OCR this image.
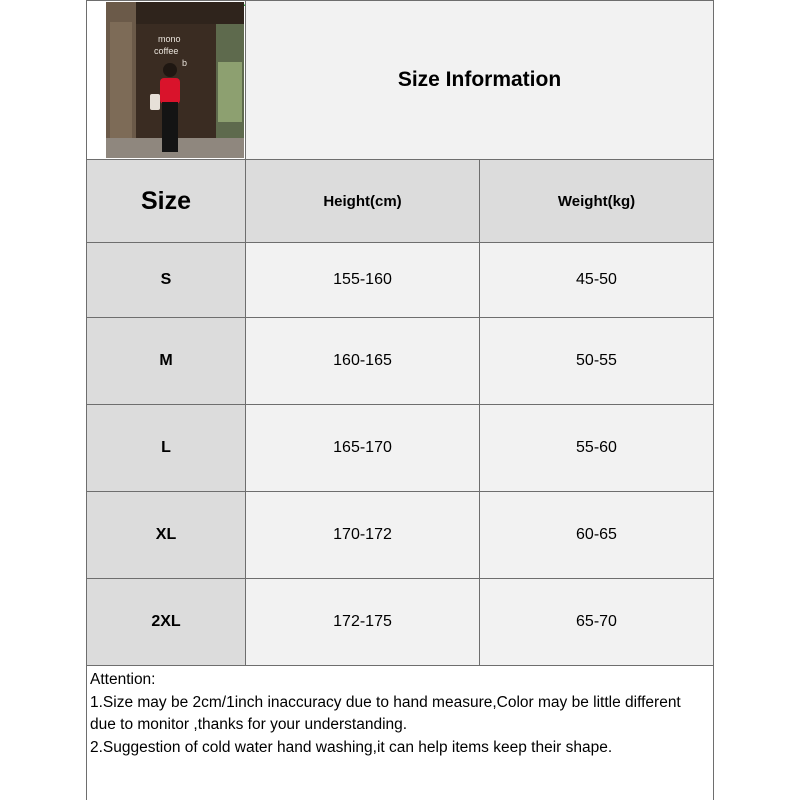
mono
coffee
b
Size Information
Size	Height(cm)	Weight(kg)
S	155-160	45-50
M	160-165	50-55
L	165-170	55-60
XL	170-172	60-65
2XL	172-175	65-70

Attention:

1.Size may be 2cm/1inch inaccuracy due to hand measure,Color may be little different due to monitor ,thanks for your understanding.

2.Suggestion of cold water hand washing,it can help items keep their shape.
